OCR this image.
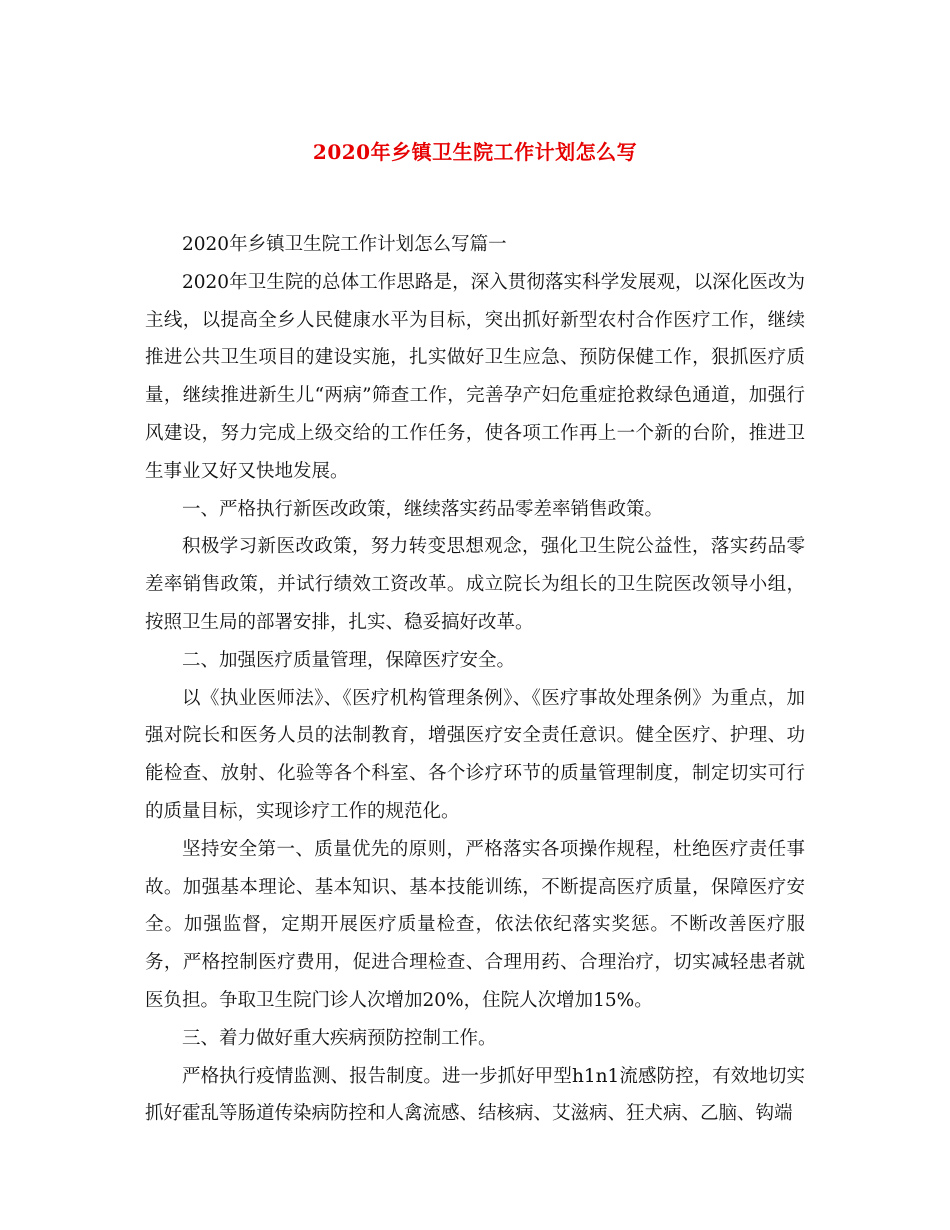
2020年乡镇卫生院工作计划怎么写

2020年乡镇卫生院工作计划怎么写篇一

2020年卫生院的总体工作思路是，深入贯彻落实科学发展观，以深化医改为主线，以提高全乡人民健康水平为目标，突出抓好新型农村合作医疗工作，继续推进公共卫生项目的建设实施，扎实做好卫生应急、预防保健工作，狠抓医疗质量，继续推进新生儿“两病”筛查工作，完善孕产妇危重症抢救绿色通道，加强行风建设，努力完成上级交给的工作任务，使各项工作再上一个新的台阶，推进卫生事业又好又快地发展。

一、严格执行新医改政策，继续落实药品零差率销售政策。

积极学习新医改政策，努力转变思想观念，强化卫生院公益性，落实药品零差率销售政策，并试行绩效工资改革。成立院长为组长的卫生院医改领导小组，按照卫生局的部署安排，扎实、稳妥搞好改革。

二、加强医疗质量管理，保障医疗安全。

以《执业医师法》、《医疗机构管理条例》、《医疗事故处理条例》为重点，加强对院长和医务人员的法制教育，增强医疗安全责任意识。健全医疗、护理、功能检查、放射、化验等各个科室、各个诊疗环节的质量管理制度，制定切实可行的质量目标，实现诊疗工作的规范化。

坚持安全第一、质量优先的原则，严格落实各项操作规程，杜绝医疗责任事故。加强基本理论、基本知识、基本技能训练，不断提高医疗质量，保障医疗安全。加强监督，定期开展医疗质量检查，依法依纪落实奖惩。不断改善医疗服务，严格控制医疗费用，促进合理检查、合理用药、合理治疗，切实减轻患者就医负担。争取卫生院门诊人次增加20%，住院人次增加15%。

三、着力做好重大疾病预防控制工作。

严格执行疫情监测、报告制度。进一步抓好甲型h1n1流感防控，有效地切实抓好霍乱等肠道传染病防控和人禽流感、结核病、艾滋病、狂犬病、乙脑、钩端
